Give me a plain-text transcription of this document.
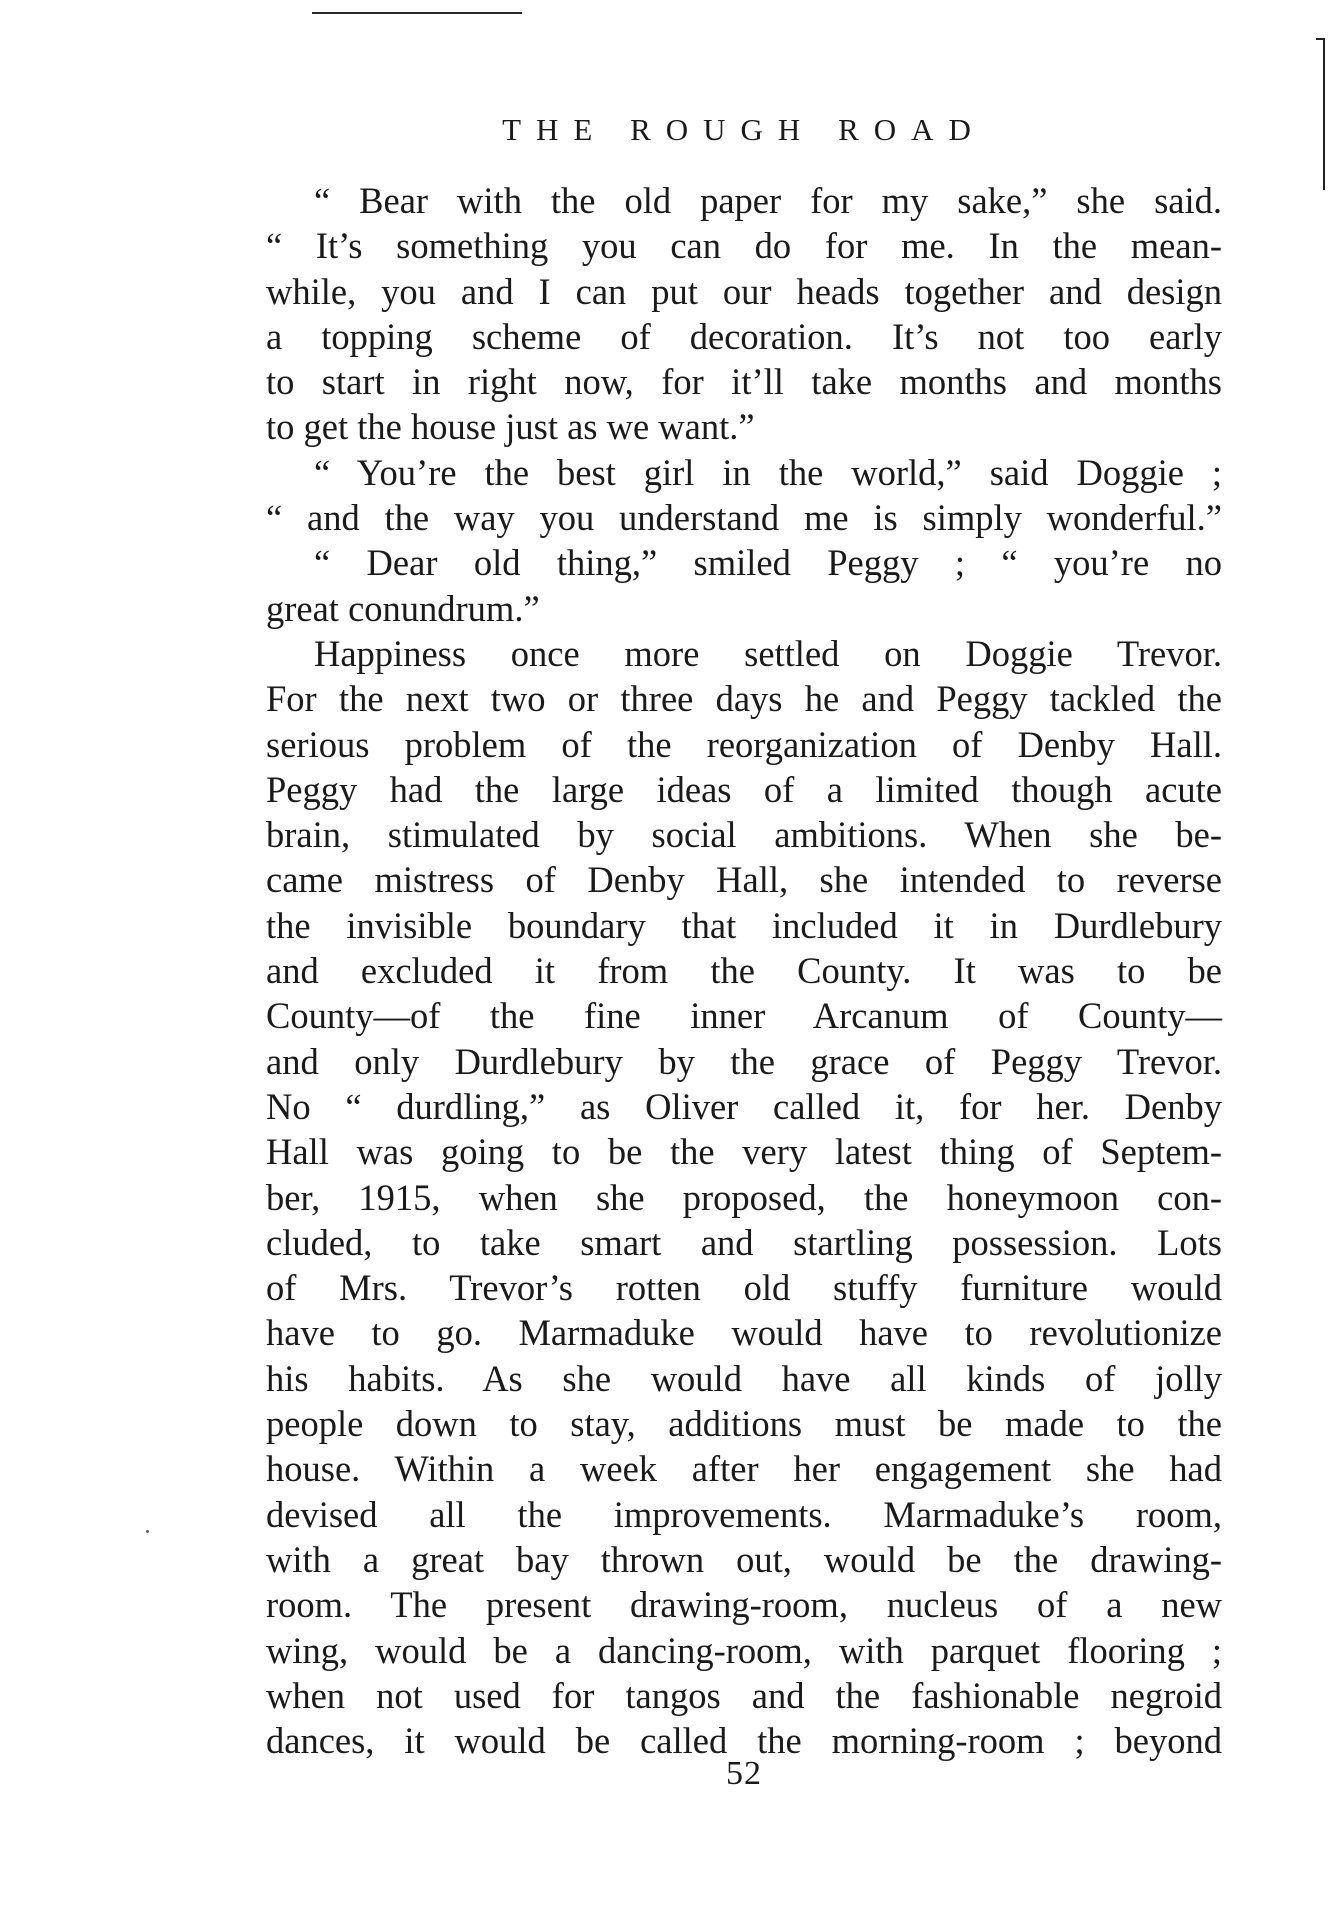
THE ROUGH ROAD
“ Bear with the old paper for my sake,” she said.
“ It’s something you can do for me. In the mean-
while, you and I can put our heads together and design
a topping scheme of decoration. It’s not too early
to start in right now, for it’ll take months and months
to get the house just as we want.”
“ You’re the best girl in the world,” said Doggie ;
“ and the way you understand me is simply wonderful.”
“ Dear old thing,” smiled Peggy ; “ you’re no
great conundrum.”
Happiness once more settled on Doggie Trevor.
For the next two or three days he and Peggy tackled the
serious problem of the reorganization of Denby Hall.
Peggy had the large ideas of a limited though acute
brain, stimulated by social ambitions. When she be-
came mistress of Denby Hall, she intended to reverse
the invisible boundary that included it in Durdlebury
and excluded it from the County. It was to be
County—of the fine inner Arcanum of County—
and only Durdlebury by the grace of Peggy Trevor.
No “ durdling,” as Oliver called it, for her. Denby
Hall was going to be the very latest thing of Septem-
ber, 1915, when she proposed, the honeymoon con-
cluded, to take smart and startling possession. Lots
of Mrs. Trevor’s rotten old stuffy furniture would
have to go. Marmaduke would have to revolutionize
his habits. As she would have all kinds of jolly
people down to stay, additions must be made to the
house. Within a week after her engagement she had
devised all the improvements. Marmaduke’s room,
with a great bay thrown out, would be the drawing-
room. The present drawing-room, nucleus of a new
wing, would be a dancing-room, with parquet flooring ;
when not used for tangos and the fashionable negroid
dances, it would be called the morning-room ; beyond
52
